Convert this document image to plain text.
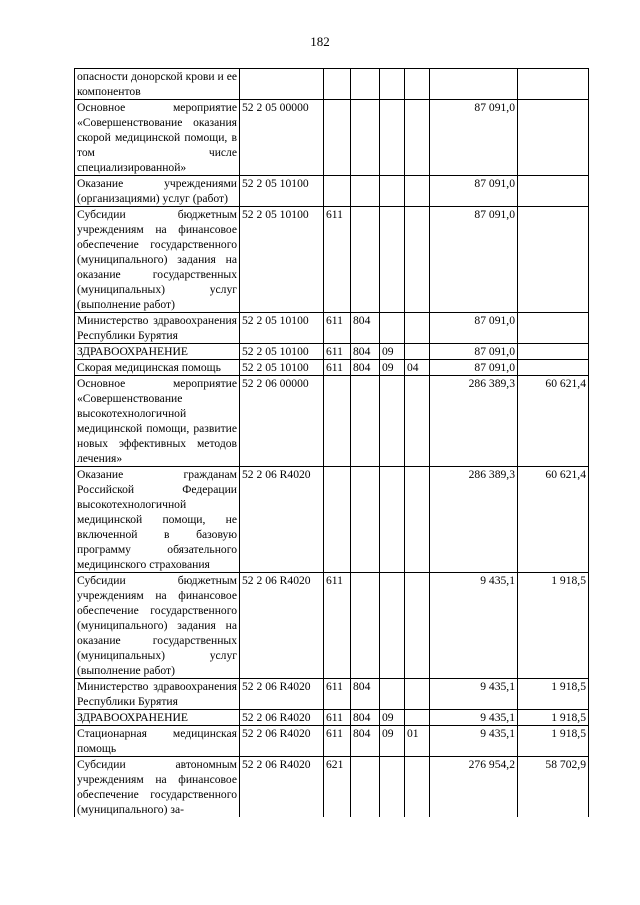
182
опасности донорской крови и ее компонентов							
Основное мероприятие «Совершенствование оказания скорой медицинской помощи, в том числе специализированной»	52 2 05 00000					87 091,0	
Оказание учреждениями (организациями) услуг (работ)	52 2 05 10100					87 091,0	
Субсидии бюджетным учреждениям на финансовое обеспечение государственного (муниципального) задания на оказание государственных (муниципальных) услуг (выполнение работ)	52 2 05 10100	611				87 091,0	
Министерство здравоохранения Республики Бурятия	52 2 05 10100	611	804			87 091,0	
ЗДРАВООХРАНЕНИЕ	52 2 05 10100	611	804	09		87 091,0	
Скорая медицинская помощь	52 2 05 10100	611	804	09	04	87 091,0	
Основное мероприятие «Совершенствование высокотехнологичной медицинской помощи, развитие новых эффективных методов лечения»	52 2 06 00000					286 389,3	60 621,4
Оказание гражданам Российской Федерации высокотехнологичной медицинской помощи, не включенной в базовую программу обязательного медицинского страхования	52 2 06 R4020					286 389,3	60 621,4
Субсидии бюджетным учреждениям на финансовое обеспечение государственного (муниципального) задания на оказание государственных (муниципальных) услуг (выполнение работ)	52 2 06 R4020	611				9 435,1	1 918,5
Министерство здравоохранения Республики Бурятия	52 2 06 R4020	611	804			9 435,1	1 918,5
ЗДРАВООХРАНЕНИЕ	52 2 06 R4020	611	804	09		9 435,1	1 918,5
Стационарная медицинская помощь	52 2 06 R4020	611	804	09	01	9 435,1	1 918,5
Субсидии автономным учреждениям на финансовое обеспечение государственного (муниципального) за-	52 2 06 R4020	621				276 954,2	58 702,9
